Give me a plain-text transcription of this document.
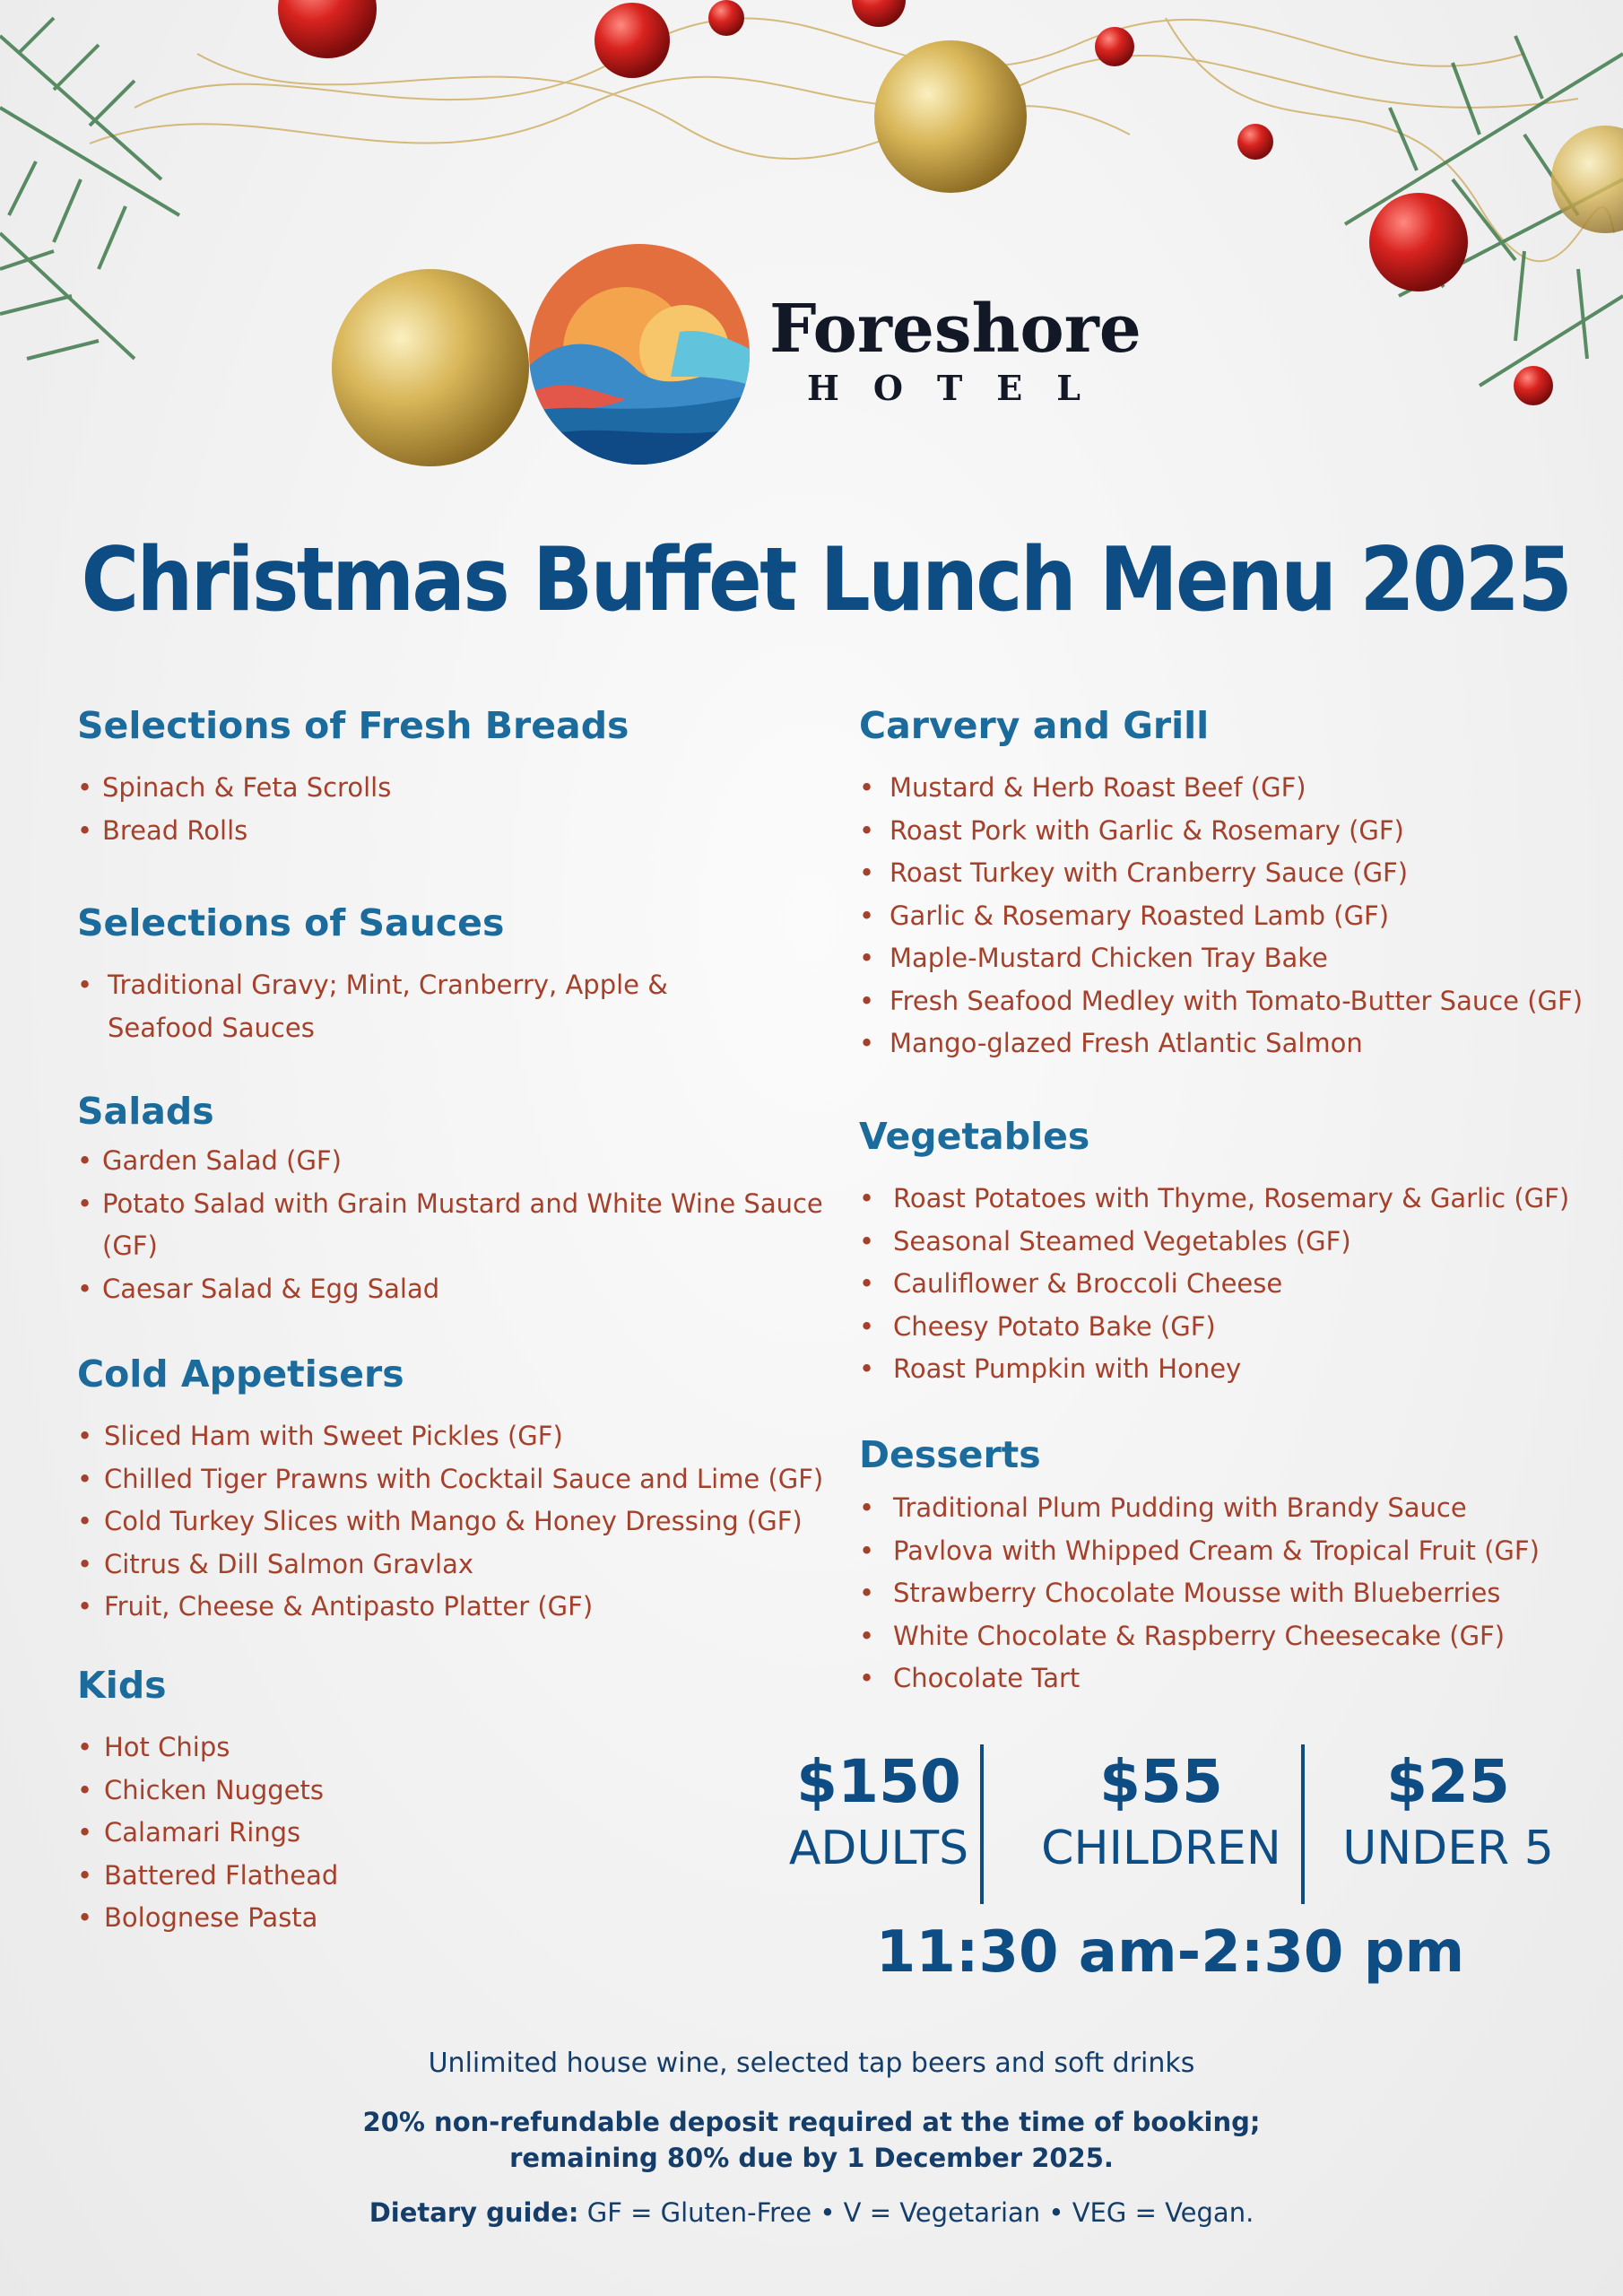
Foreshore
HOTEL
Christmas Buffet Lunch Menu 2025
Selections of Fresh Breads
• Spinach & Feta Scrolls
• Bread Rolls
Selections of Sauces
• Traditional Gravy; Mint, Cranberry, Apple & Seafood Sauces
Salads
• Garden Salad (GF)
• Potato Salad with Grain Mustard and White Wine Sauce (GF)
• Caesar Salad & Egg Salad
Cold Appetisers
• Sliced Ham with Sweet Pickles (GF)
• Chilled Tiger Prawns with Cocktail Sauce and Lime (GF)
• Cold Turkey Slices with Mango & Honey Dressing (GF)
• Citrus & Dill Salmon Gravlax
• Fruit, Cheese & Antipasto Platter (GF)
Kids
• Hot Chips
• Chicken Nuggets
• Calamari Rings
• Battered Flathead
• Bolognese Pasta
Carvery and Grill
• Mustard & Herb Roast Beef (GF)
• Roast Pork with Garlic & Rosemary (GF)
• Roast Turkey with Cranberry Sauce (GF)
• Garlic & Rosemary Roasted Lamb (GF)
• Maple-Mustard Chicken Tray Bake
• Fresh Seafood Medley with Tomato-Butter Sauce (GF)
• Mango-glazed Fresh Atlantic Salmon
Vegetables
• Roast Potatoes with Thyme, Rosemary & Garlic (GF)
• Seasonal Steamed Vegetables (GF)
• Cauliflower & Broccoli Cheese
• Cheesy Potato Bake (GF)
• Roast Pumpkin with Honey
Desserts
• Traditional Plum Pudding with Brandy Sauce
• Pavlova with Whipped Cream & Tropical Fruit (GF)
• Strawberry Chocolate Mousse with Blueberries
• White Chocolate & Raspberry Cheesecake (GF)
• Chocolate Tart
$150
ADULTS
$55
CHILDREN
$25
UNDER 5
11:30 am-2:30 pm
Unlimited house wine, selected tap beers and soft drinks
20% non-refundable deposit required at the time of booking;
remaining 80% due by 1 December 2025.
Dietary guide: GF = Gluten-Free • V = Vegetarian • VEG = Vegan.
